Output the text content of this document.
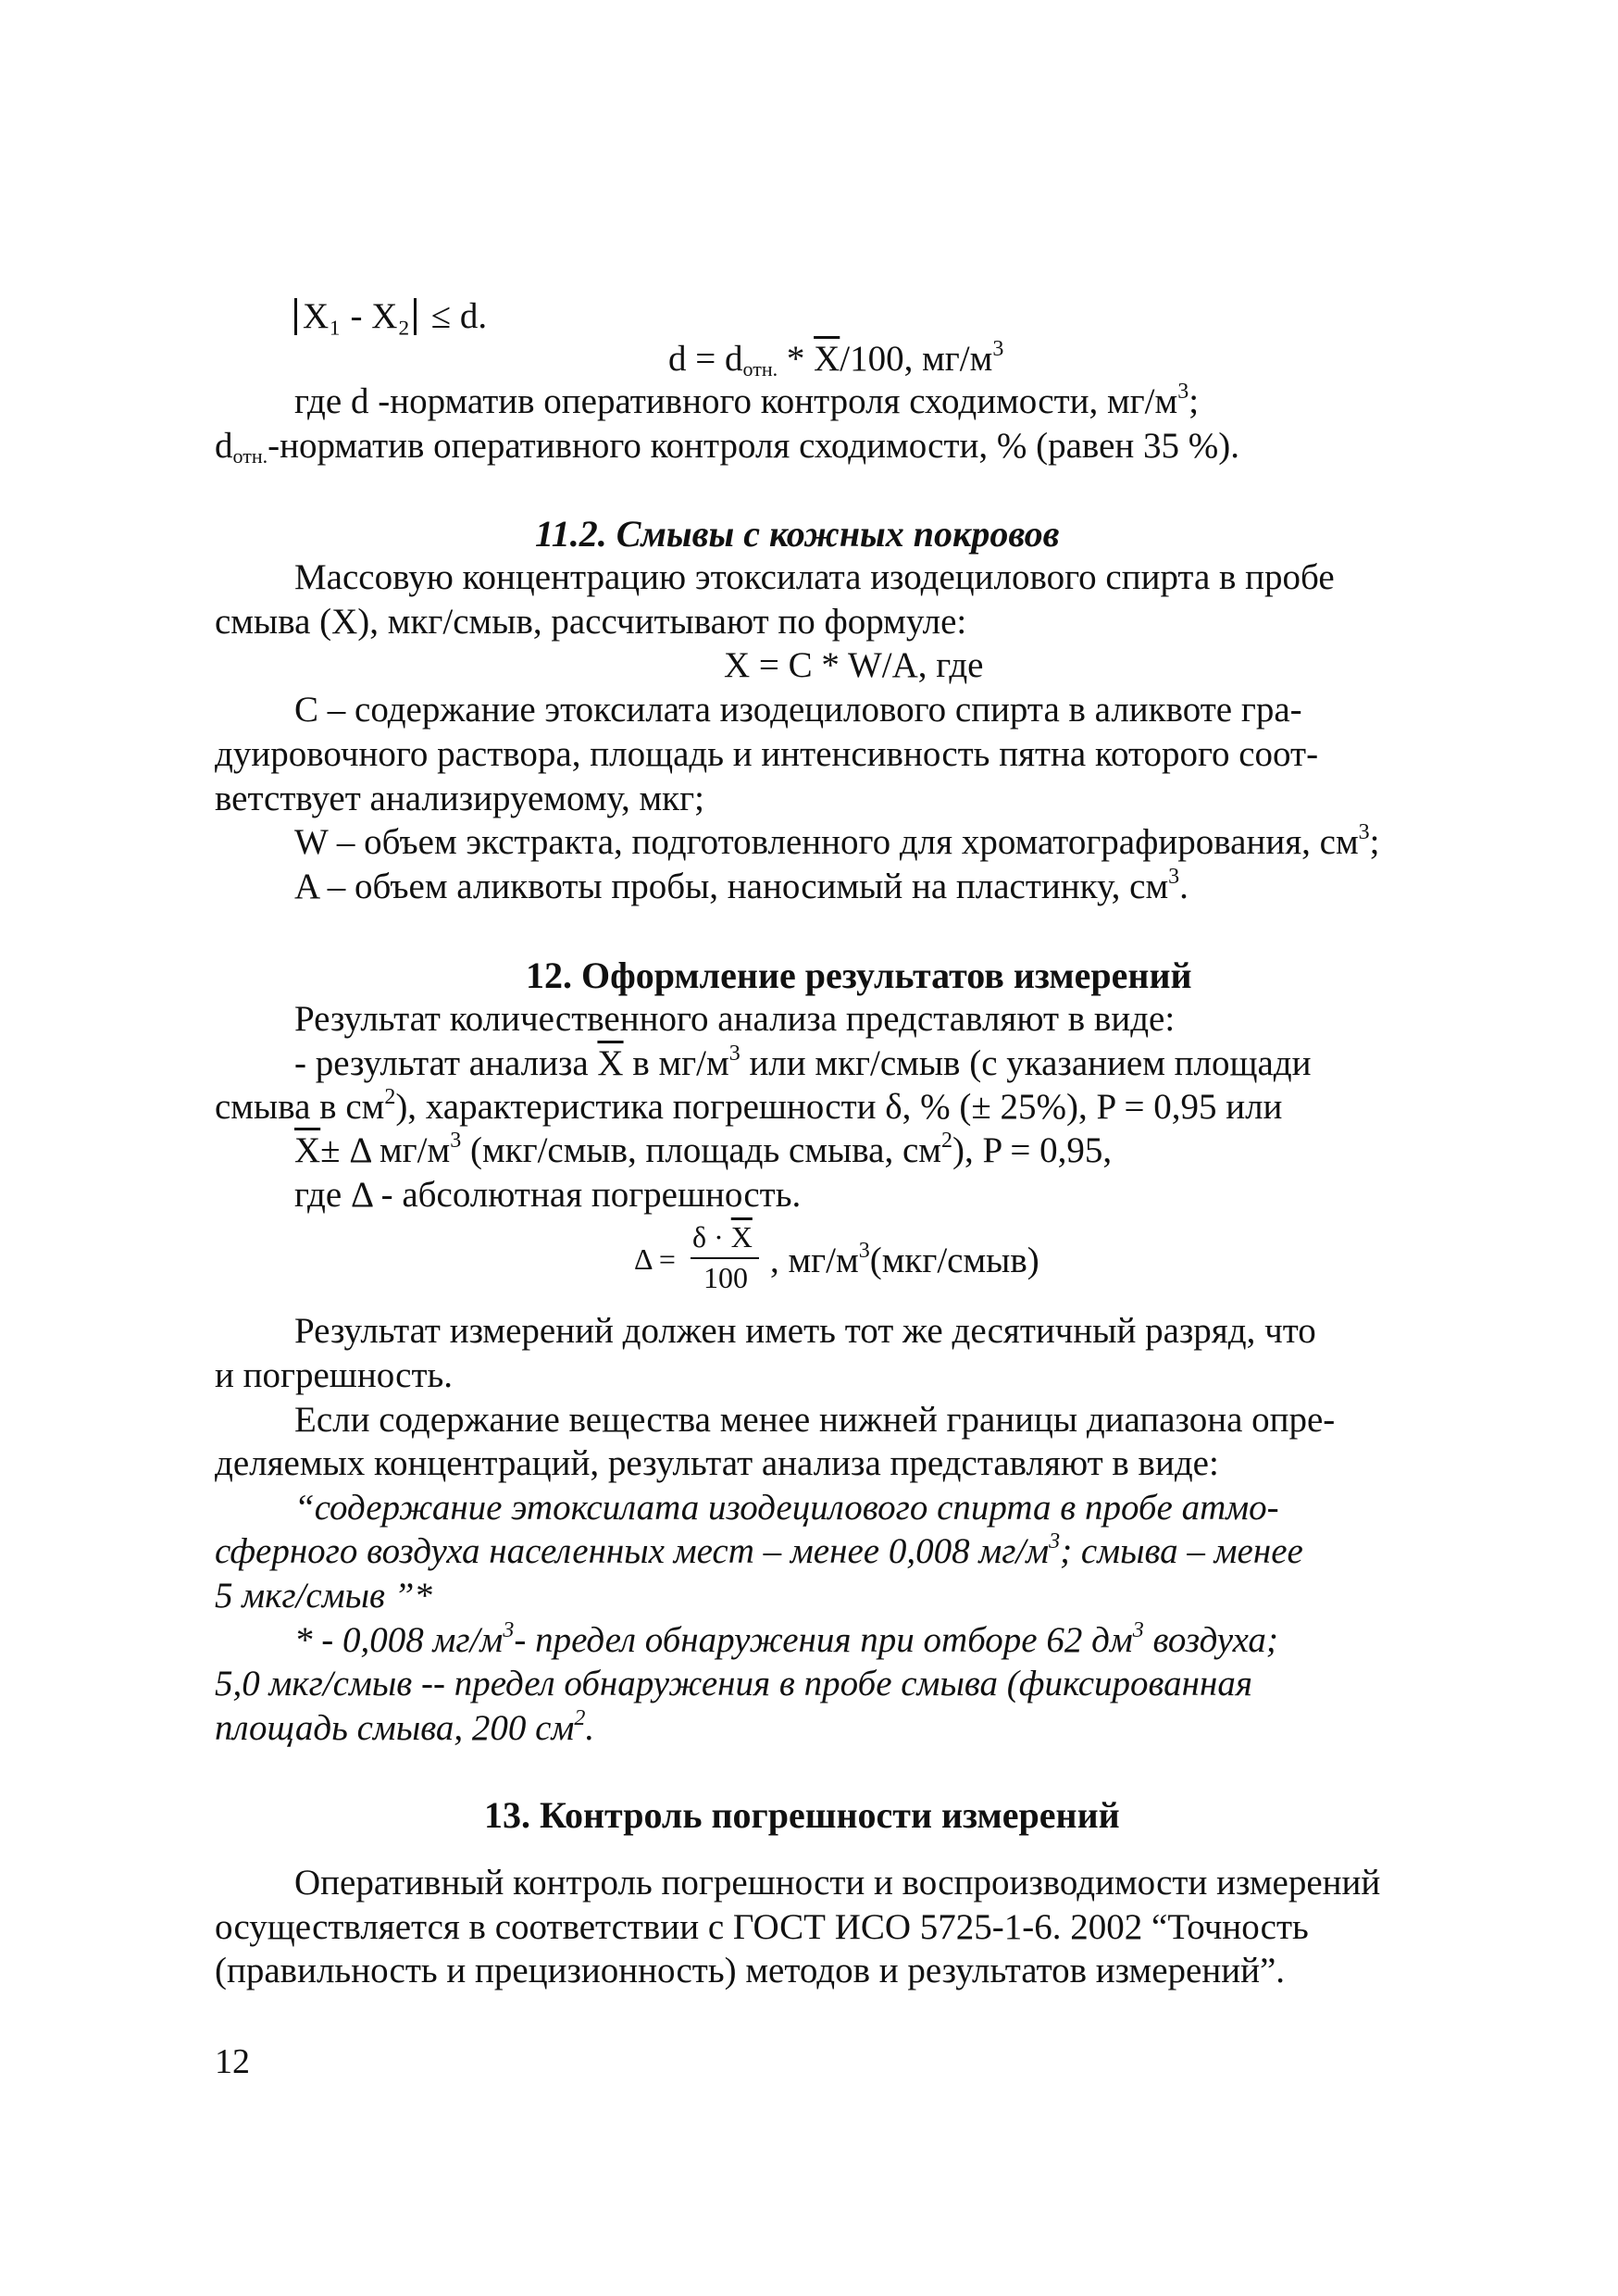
X₁ - X₂ ≤ d.
$d = d_{отн.} * \overline{X}/100$, $мг/м^3$
где d -норматив оперативного контроля сходимости, $мг/м^3$;
$d_{отн.}$-норматив оперативного контроля сходимости, % (равен 35 %).
11.2. Смывы с кожных покровов
Массовую концентрацию этоксилата изодецилового спирта в пробе
смыва (X), мкг/смыв, рассчитывают по формуле:
X = C * W/A, где
C – содержание этоксилата изодецилового спирта в аликвоте гра-
дуировочного раствора, площадь и интенсивность пятна которого соот-
ветствует анализируемому, мкг;
W – объем экстракта, подготовленного для хроматографирования, $см^3$;
A – объем аликвоты пробы, наносимый на пластинку, $см^3$.
12. Оформление результатов измерений
Результат количественного анализа представляют в виде:
- результат анализа $\overline{X}$ в $мг/м^3$ или мкг/смыв (с указанием площади
смыва в $см^2$), характеристика погрешности δ, % (± 25%), P = 0,95 или
$\overline{X}\pm \Delta$ $мг/м^3$ (мкг/смыв, площадь смыва, $см^2$), P = 0,95,
где Δ - абсолютная погрешность.
Δ =
$\delta \cdot \overline{X}$
100 , $мг/м^3(мкг/смыв)$
Результат измерений должен иметь тот же десятичный разряд, что
и погрешность.
Если содержание вещества менее нижней границы диапазона опре-
деляемых концентраций, результат анализа представляют в виде:
“содержание этоксилата изодецилового спирта в пробе атмо-
сферного воздуха населенных мест – менее 0,008 $мг/м^3$; смыва – менее
5 мкг/смыв ”*
* - 0,008 $мг/м^3-$ предел обнаружения при отборе 62 $дм^3$ воздуха;
5,0 мкг/смыв -- предел обнаружения в пробе смыва (фиксированная
площадь смыва, 200 $см^2$.
13. Контроль погрешности измерений
Оперативный контроль погрешности и воспроизводимости измерений
осуществляется в соответствии с ГОСТ ИСО 5725-1-6. 2002 “Точность
(правильность и прецизионность) методов и результатов измерений”.
12
